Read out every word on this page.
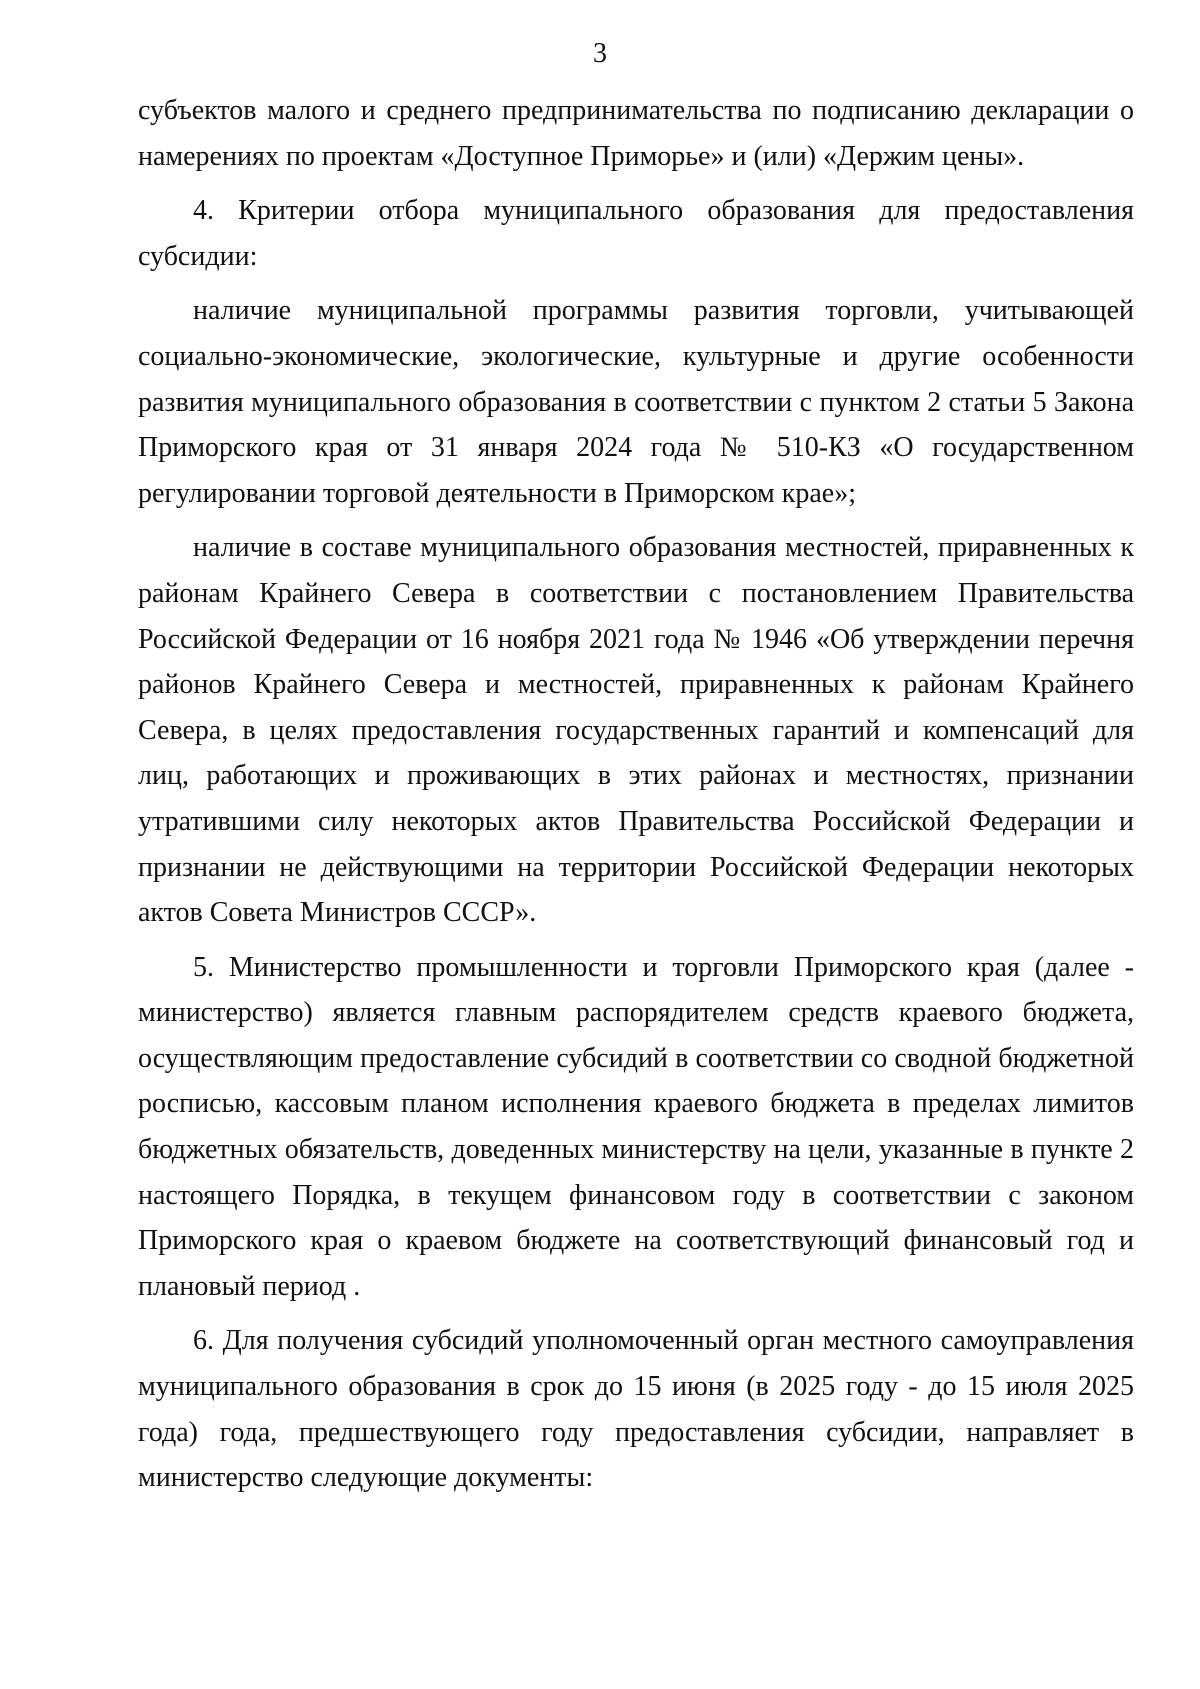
3

субъектов малого и среднего предпринимательства по подписанию декларации о намерениях по проектам «Доступное Приморье» и (или) «Держим цены».

4. Критерии отбора муниципального образования для предоставления субсидии:

наличие муниципальной программы развития торговли, учитывающей социально-экономические, экологические, культурные и другие особенности развития муниципального образования в соответствии с пунктом 2 статьи 5 Закона Приморского края от 31 января 2024 года № 510-КЗ «О государственном регулировании торговой деятельности в Приморском крае»;

наличие в составе муниципального образования местностей, приравненных к районам Крайнего Севера в соответствии с постановлением Правительства Российской Федерации от 16 ноября 2021 года № 1946 «Об утверждении перечня районов Крайнего Севера и местностей, приравненных к районам Крайнего Севера, в целях предоставления государственных гарантий и компенсаций для лиц, работающих и проживающих в этих районах и местностях, признании утратившими силу некоторых актов Правительства Российской Федерации и признании не действующими на территории Российской Федерации некоторых актов Совета Министров СССР».

5. Министерство промышленности и торговли Приморского края (далее - министерство) является главным распорядителем средств краевого бюджета, осуществляющим предоставление субсидий в соответствии со сводной бюджетной росписью, кассовым планом исполнения краевого бюджета в пределах лимитов бюджетных обязательств, доведенных министерству на цели, указанные в пункте 2 настоящего Порядка, в текущем финансовом году в соответствии с законом Приморского края о краевом бюджете на соответствующий финансовый год и плановый период .

6. Для получения субсидий уполномоченный орган местного самоуправления муниципального образования в срок до 15 июня (в 2025 году - до 15 июля 2025 года) года, предшествующего году предоставления субсидии, направляет в министерство следующие документы:
